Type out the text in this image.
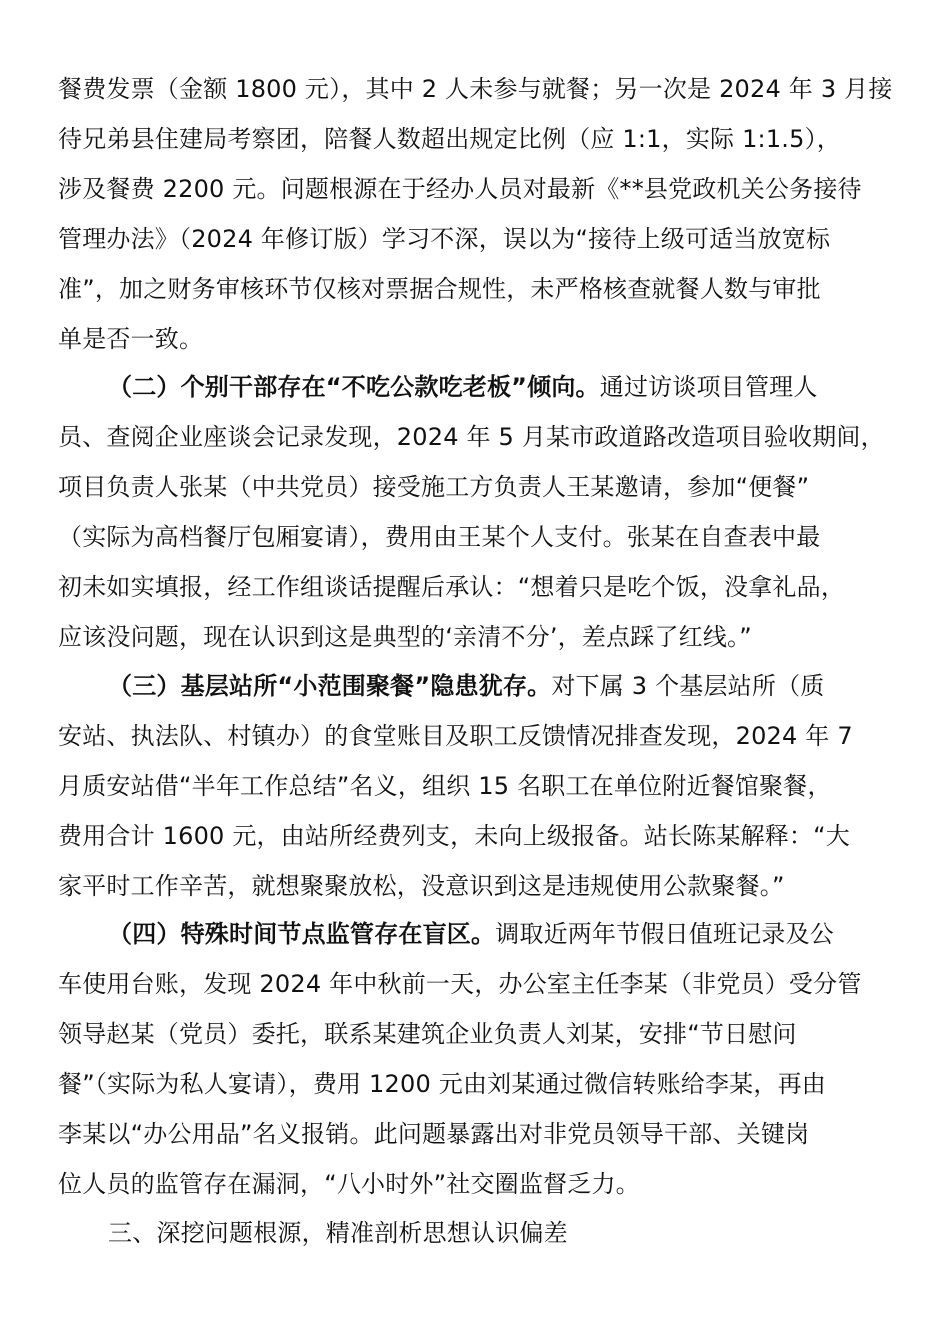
餐费发票（金额 1800 元），其中 2 人未参与就餐；另一次是 2024 年 3 月接
待兄弟县住建局考察团，陪餐人数超出规定比例（应 1:1，实际 1:1.5），
涉及餐费 2200 元。问题根源在于经办人员对最新《**县党政机关公务接待
管理办法》（2024 年修订版）学习不深，误以为“接待上级可适当放宽标
准”，加之财务审核环节仅核对票据合规性，未严格核查就餐人数与审批
单是否一致。
（二）个别干部存在“不吃公款吃老板”倾向。通过访谈项目管理人
员、查阅企业座谈会记录发现，2024 年 5 月某市政道路改造项目验收期间，
项目负责人张某（中共党员）接受施工方负责人王某邀请，参加“便餐”
（实际为高档餐厅包厢宴请），费用由王某个人支付。张某在自查表中最
初未如实填报，经工作组谈话提醒后承认：“想着只是吃个饭，没拿礼品，
应该没问题，现在认识到这是典型的‘亲清不分’，差点踩了红线。”
（三）基层站所“小范围聚餐”隐患犹存。对下属 3 个基层站所（质
安站、执法队、村镇办）的食堂账目及职工反馈情况排查发现，2024 年 7
月质安站借“半年工作总结”名义，组织 15 名职工在单位附近餐馆聚餐，
费用合计 1600 元，由站所经费列支，未向上级报备。站长陈某解释：“大
家平时工作辛苦，就想聚聚放松，没意识到这是违规使用公款聚餐。”
（四）特殊时间节点监管存在盲区。调取近两年节假日值班记录及公
车使用台账，发现 2024 年中秋前一天，办公室主任李某（非党员）受分管
领导赵某（党员）委托，联系某建筑企业负责人刘某，安排“节日慰问
餐”（实际为私人宴请），费用 1200 元由刘某通过微信转账给李某，再由
李某以“办公用品”名义报销。此问题暴露出对非党员领导干部、关键岗
位人员的监管存在漏洞，“八小时外”社交圈监督乏力。
三、深挖问题根源，精准剖析思想认识偏差
